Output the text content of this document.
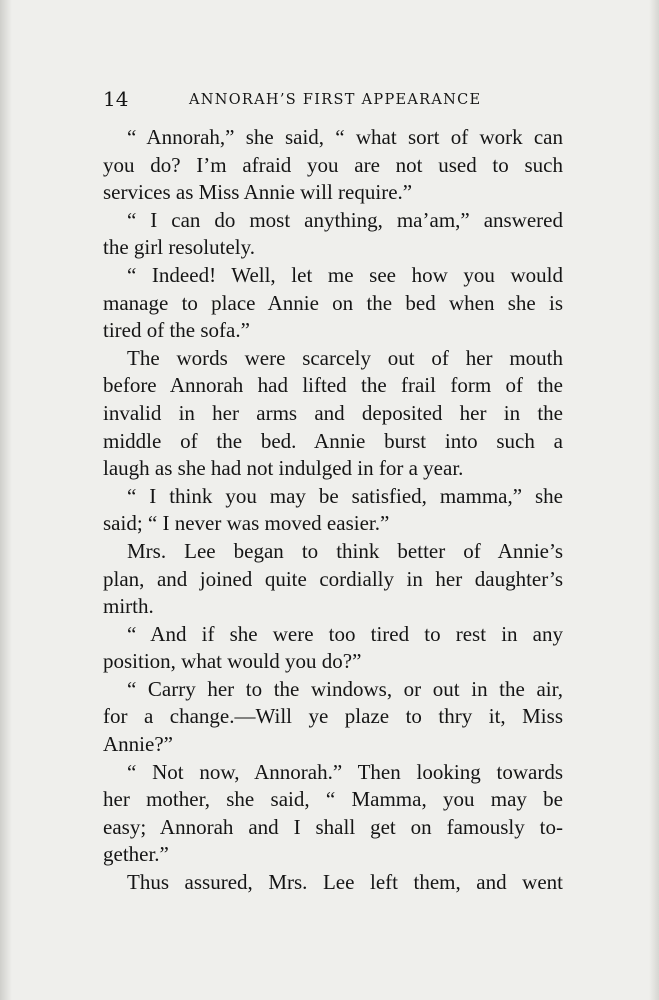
14	ANNORAH’S FIRST APPEARANCE
“ Annorah,” she said, “ what sort of work can
you do? I’m afraid you are not used to such
services as Miss Annie will require.”
“ I can do most anything, ma’am,” answered
the girl resolutely.
“ Indeed! Well, let me see how you would
manage to place Annie on the bed when she is
tired of the sofa.”
The words were scarcely out of her mouth
before Annorah had lifted the frail form of the
invalid in her arms and deposited her in the
middle of the bed. Annie burst into such a
laugh as she had not indulged in for a year.
“ I think you may be satisfied, mamma,” she
said; “ I never was moved easier.”
Mrs. Lee began to think better of Annie’s
plan, and joined quite cordially in her daughter’s
mirth.
“ And if she were too tired to rest in any
position, what would you do?”
“ Carry her to the windows, or out in the air,
for a change.—Will ye plaze to thry it, Miss
Annie?”
“ Not now, Annorah.” Then looking towards
her mother, she said, “ Mamma, you may be
easy; Annorah and I shall get on famously to-
gether.”
Thus assured, Mrs. Lee left them, and went
